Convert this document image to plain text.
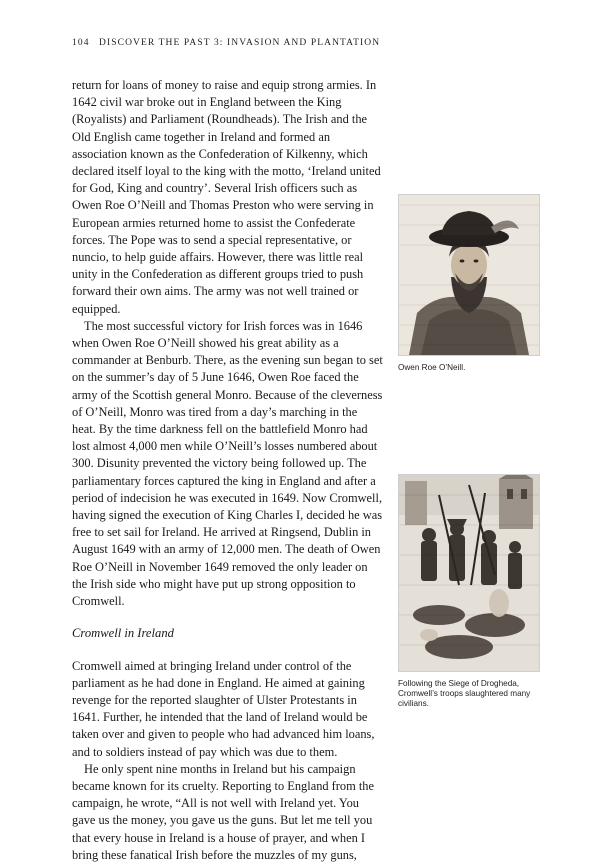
104 DISCOVER THE PAST 3: INVASION AND PLANTATION

return for loans of money to raise and equip strong armies. In 1642 civil war broke out in England between the King (Royalists) and Parliament (Roundheads). The Irish and the Old English came together in Ireland and formed an association known as the Confederation of Kilkenny, which declared itself loyal to the king with the motto, ‘Ireland united for God, King and country’. Several Irish officers such as Owen Roe O’Neill and Thomas Preston who were serving in European armies returned home to assist the Confederate forces. The Pope was to send a special representative, or nuncio, to help guide affairs. However, there was little real unity in the Confederation as different groups tried to push forward their own aims. The army was not well trained or equipped.

The most successful victory for Irish forces was in 1646 when Owen Roe O’Neill showed his great ability as a commander at Benburb. There, as the evening sun began to set on the summer’s day of 5 June 1646, Owen Roe faced the army of the Scottish general Monro. Because of the cleverness of O’Neill, Monro was tired from a day’s marching in the heat. By the time darkness fell on the battlefield Monro had lost almost 4,000 men while O’Neill’s losses numbered about 300. Disunity prevented the victory being followed up. The parliamentary forces captured the king in England and after a period of indecision he was executed in 1649. Now Cromwell, having signed the execution of King Charles I, decided he was free to set sail for Ireland. He arrived at Ringsend, Dublin in August 1649 with an army of 12,000 men. The death of Owen Roe O’Neill in November 1649 removed the only leader on the Irish side who might have put up strong opposition to Cromwell.

Cromwell in Ireland

Cromwell aimed at bringing Ireland under control of the parliament as he had done in England. He aimed at gaining revenge for the reported slaughter of Ulster Protestants in 1641. Further, he intended that the land of Ireland would be taken over and given to people who had advanced him loans, and to soldiers instead of pay which was due to them.

He only spent nine months in Ireland but his campaign became known for its cruelty. Reporting to England from the campaign, he wrote, “All is not well with Ireland yet. You gave us the money, you gave us the guns. But let me tell you that every house in Ireland is a house of prayer, and when I bring these fanatical Irish before the muzzles of my guns,

Owen Roe O’Neill.
Following the Siege of Drogheda, Cromwell’s troops slaughtered many civilians.
